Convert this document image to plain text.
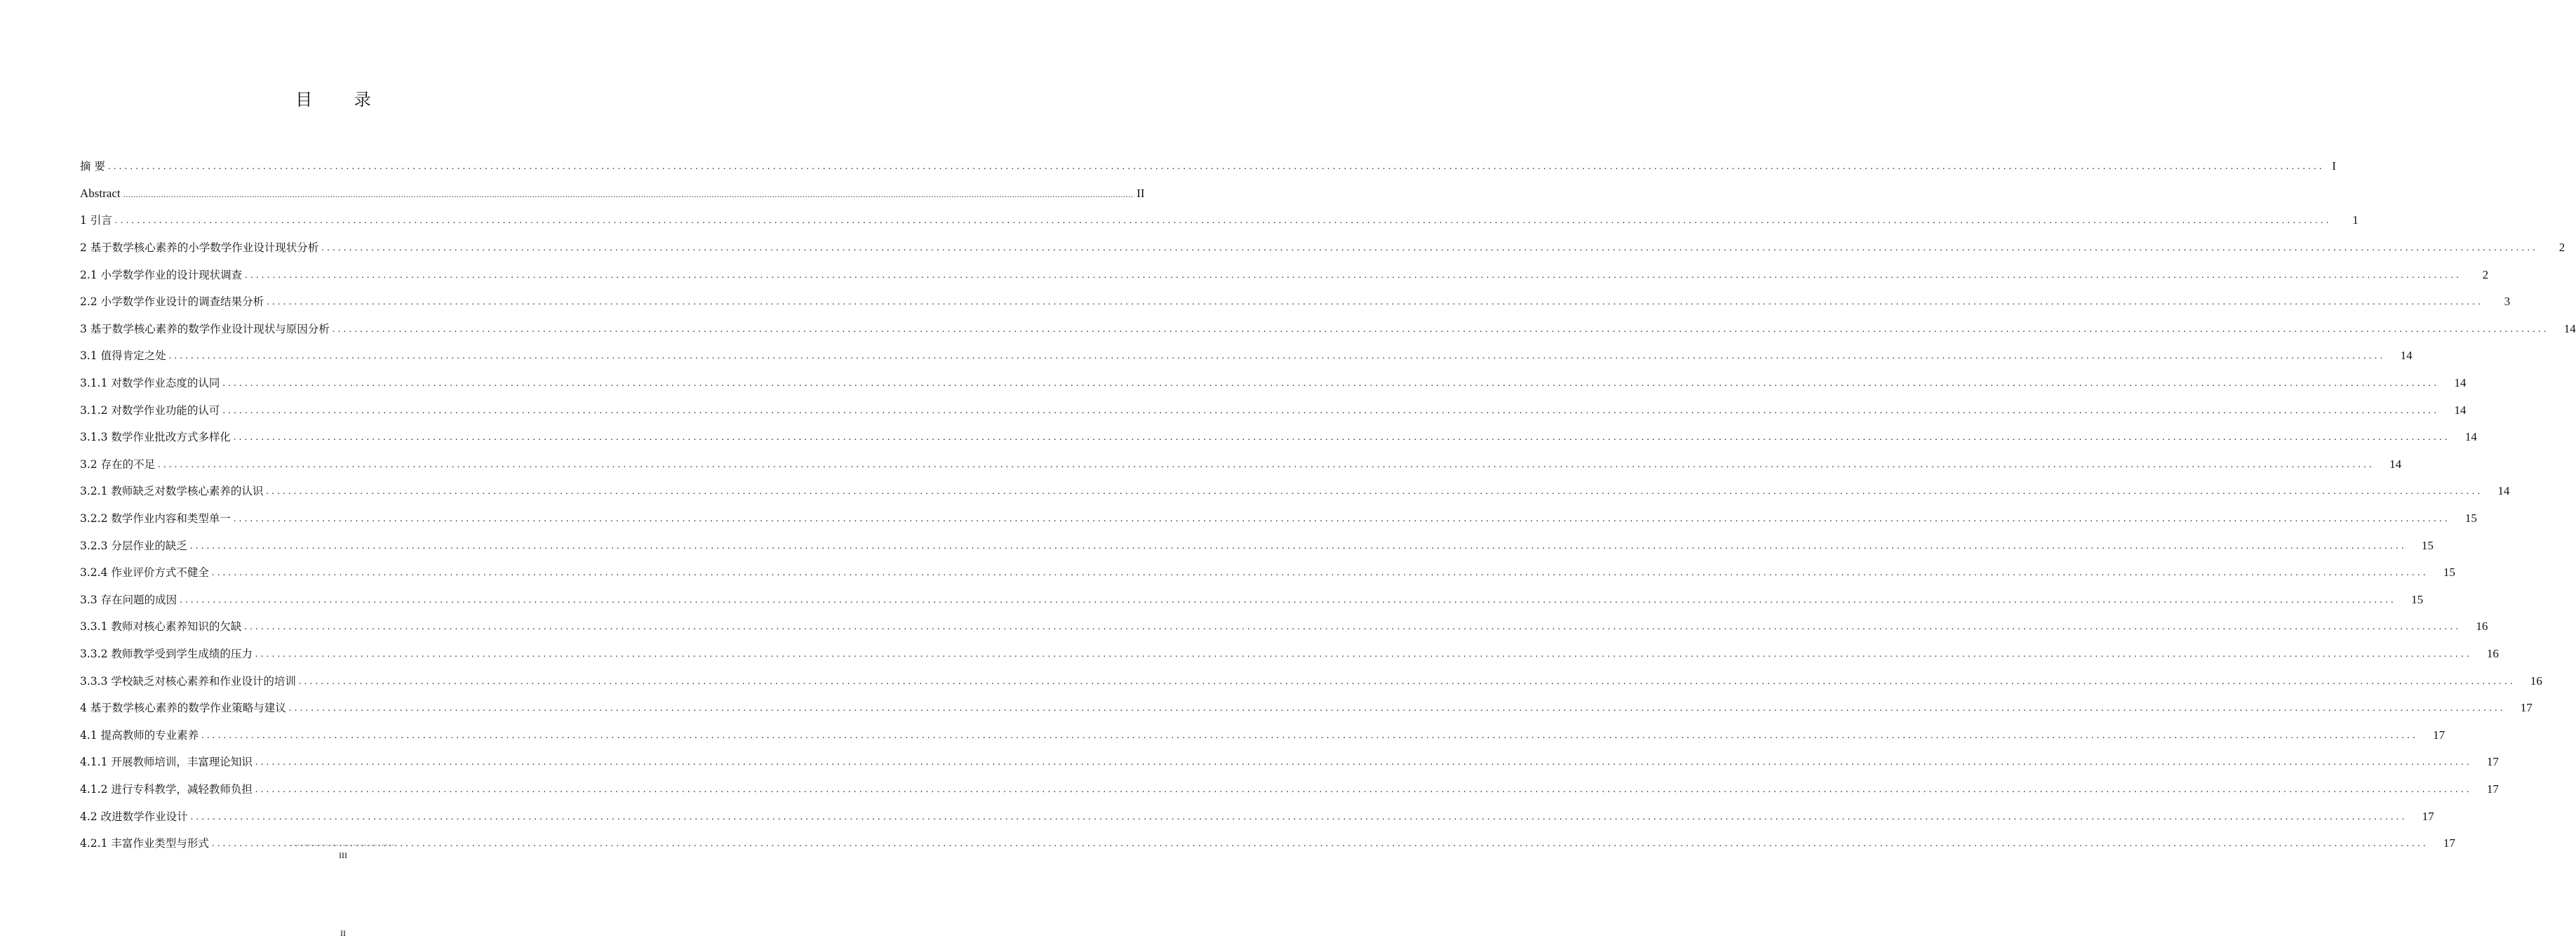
目 录
摘 要 ................................................................................................................................................................................................................................................................................................................................................................................................................ I
Abstract ................................................................................................................................................................................................................................................................................................................................................................................................................ II
1 引言 ................................................................................................................................................................................................................................................................................................................................................................................................................	1
2 基于数学核心素养的小学数学作业设计现状分析 ................................................................................................................................................................................................................................................................................................................................................................................................................	2
2.1 小学数学作业的设计现状调查 ................................................................................................................................................................................................................................................................................................................................................................................................................	2
2.2 小学数学作业设计的调查结果分析 ................................................................................................................................................................................................................................................................................................................................................................................................................	3
3 基于数学核心素养的数学作业设计现状与原因分析 ................................................................................................................................................................................................................................................................................................................................................................................................................	14
3.1 值得肯定之处 ................................................................................................................................................................................................................................................................................................................................................................................................................	14
3.1.1 对数学作业态度的认同 ................................................................................................................................................................................................................................................................................................................................................................................................................	14
3.1.2 对数学作业功能的认可 ................................................................................................................................................................................................................................................................................................................................................................................................................	14
3.1.3 数学作业批改方式多样化 ................................................................................................................................................................................................................................................................................................................................................................................................................	14
3.2 存在的不足 ................................................................................................................................................................................................................................................................................................................................................................................................................	14
3.2.1 教师缺乏对数学核心素养的认识 ................................................................................................................................................................................................................................................................................................................................................................................................................	14
3.2.2 数学作业内容和类型单一 ................................................................................................................................................................................................................................................................................................................................................................................................................	15
3.2.3 分层作业的缺乏 ................................................................................................................................................................................................................................................................................................................................................................................................................	15
3.2.4 作业评价方式不健全 ................................................................................................................................................................................................................................................................................................................................................................................................................	15
3.3 存在问题的成因 ................................................................................................................................................................................................................................................................................................................................................................................................................	15
3.3.1 教师对核心素养知识的欠缺 ................................................................................................................................................................................................................................................................................................................................................................................................................	16
3.3.2 教师教学受到学生成绩的压力 ................................................................................................................................................................................................................................................................................................................................................................................................................	16
3.3.3 学校缺乏对核心素养和作业设计的培训 ................................................................................................................................................................................................................................................................................................................................................................................................................	16
4 基于数学核心素养的数学作业策略与建议 ................................................................................................................................................................................................................................................................................................................................................................................................................	17
4.1 提高教师的专业素养 ................................................................................................................................................................................................................................................................................................................................................................................................................	17
4.1.1 开展教师培训，丰富理论知识 ................................................................................................................................................................................................................................................................................................................................................................................................................	17
4.1.2 进行专科教学，减轻教师负担 ................................................................................................................................................................................................................................................................................................................................................................................................................	17
4.2 改进数学作业设计 ................................................................................................................................................................................................................................................................................................................................................................................................................	17
4.2.1 丰富作业类型与形式 ................................................................................................................................................................................................................................................................................................................................................................................................................	17
III
II
